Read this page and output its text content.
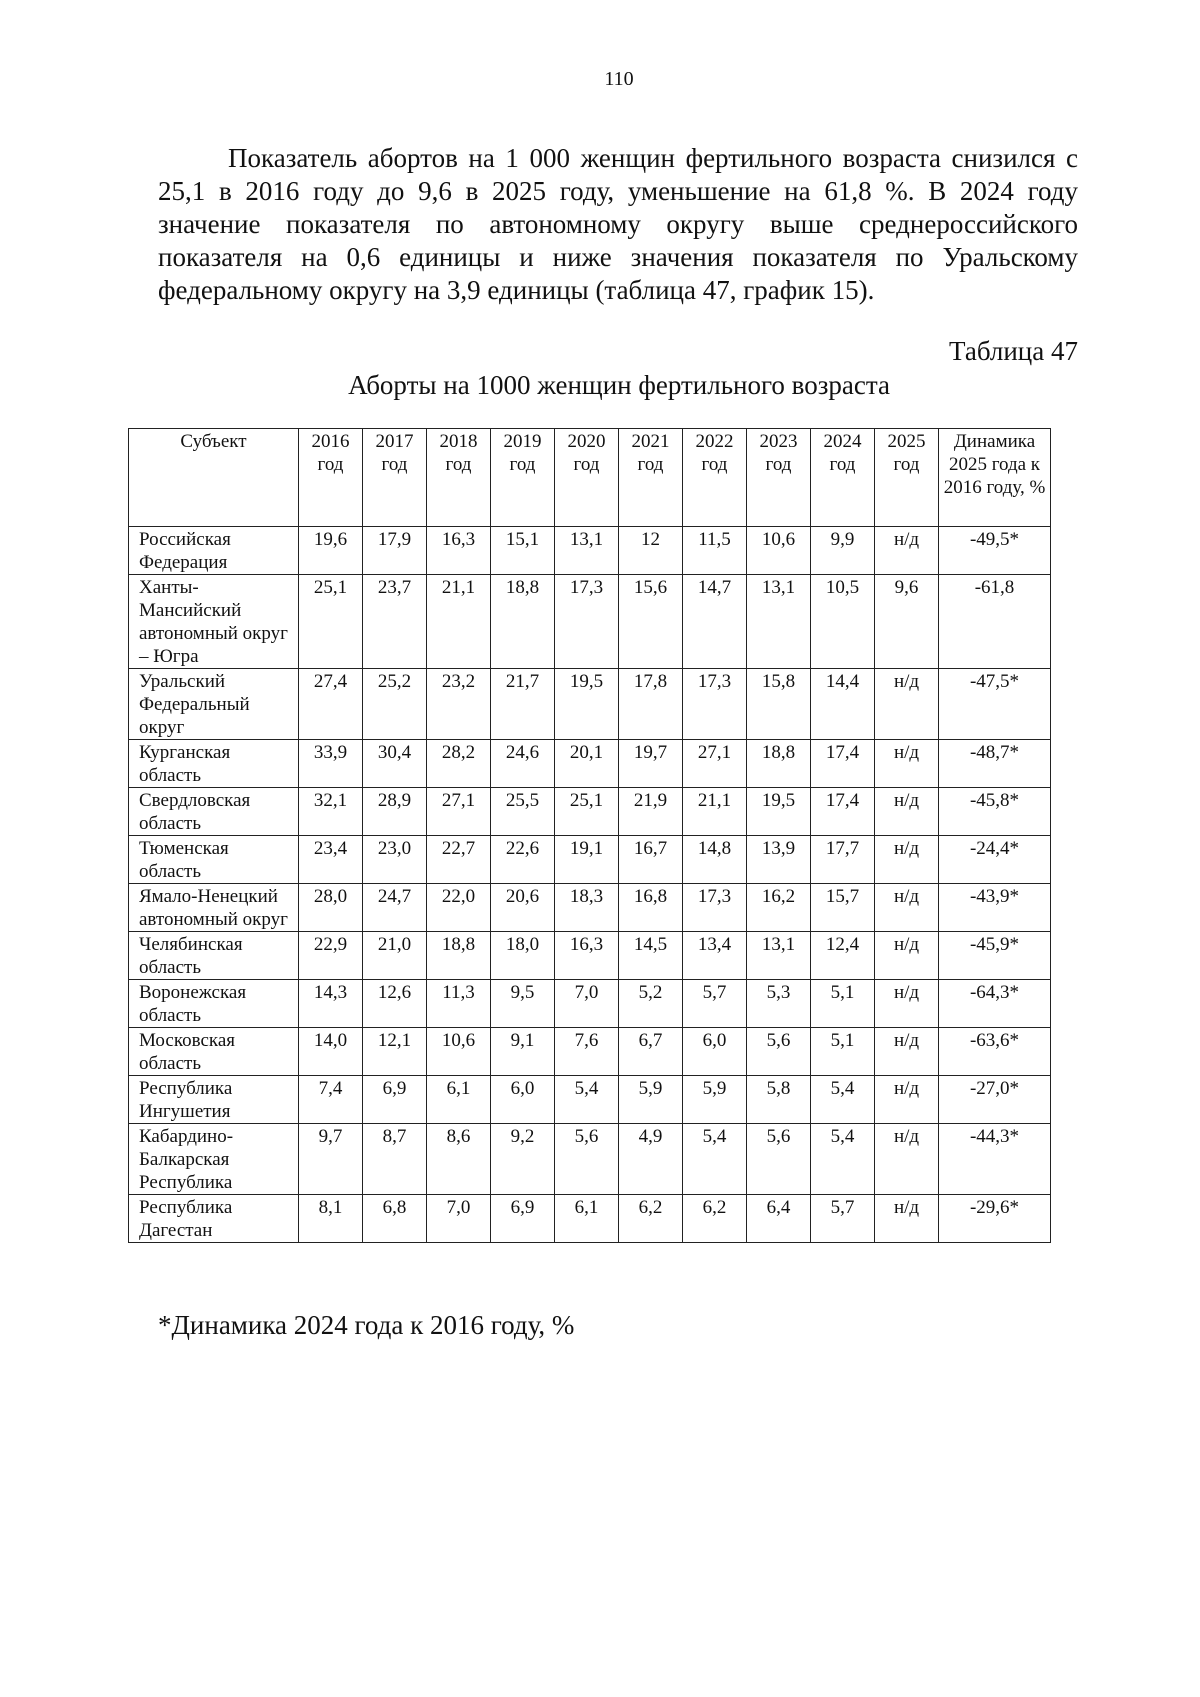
110

Показатель абортов на 1 000 женщин фертильного возраста снизился с 25,1 в 2016 году до 9,6 в 2025 году, уменьшение на 61,8 %. В 2024 году значение показателя по автономному округу выше среднероссийского показателя на 0,6 единицы и ниже значения показателя по Уральскому федеральному округу на 3,9 единицы (таблица 47, график 15).

Таблица 47
Аборты на 1000 женщин фертильного возраста
Субъект	2016 год	2017 год	2018 год	2019 год	2020 год	2021 год	2022 год	2023 год	2024 год	2025 год	Динамика 2025 года к 2016 году, %
Российская Федерация	19,6	17,9	16,3	15,1	13,1	12	11,5	10,6	9,9	н/д	-49,5*
Ханты-Мансийский автономный округ – Югра	25,1	23,7	21,1	18,8	17,3	15,6	14,7	13,1	10,5	9,6	-61,8
Уральский Федеральный округ	27,4	25,2	23,2	21,7	19,5	17,8	17,3	15,8	14,4	н/д	-47,5*
Курганская область	33,9	30,4	28,2	24,6	20,1	19,7	27,1	18,8	17,4	н/д	-48,7*
Свердловская область	32,1	28,9	27,1	25,5	25,1	21,9	21,1	19,5	17,4	н/д	-45,8*
Тюменская область	23,4	23,0	22,7	22,6	19,1	16,7	14,8	13,9	17,7	н/д	-24,4*
Ямало-Ненецкий автономный округ	28,0	24,7	22,0	20,6	18,3	16,8	17,3	16,2	15,7	н/д	-43,9*
Челябинская область	22,9	21,0	18,8	18,0	16,3	14,5	13,4	13,1	12,4	н/д	-45,9*
Воронежская область	14,3	12,6	11,3	9,5	7,0	5,2	5,7	5,3	5,1	н/д	-64,3*
Московская область	14,0	12,1	10,6	9,1	7,6	6,7	6,0	5,6	5,1	н/д	-63,6*
Республика Ингушетия	7,4	6,9	6,1	6,0	5,4	5,9	5,9	5,8	5,4	н/д	-27,0*
Кабардино-Балкарская Республика	9,7	8,7	8,6	9,2	5,6	4,9	5,4	5,6	5,4	н/д	-44,3*
Республика Дагестан	8,1	6,8	7,0	6,9	6,1	6,2	6,2	6,4	5,7	н/д	-29,6*
*Динамика 2024 года к 2016 году, %
